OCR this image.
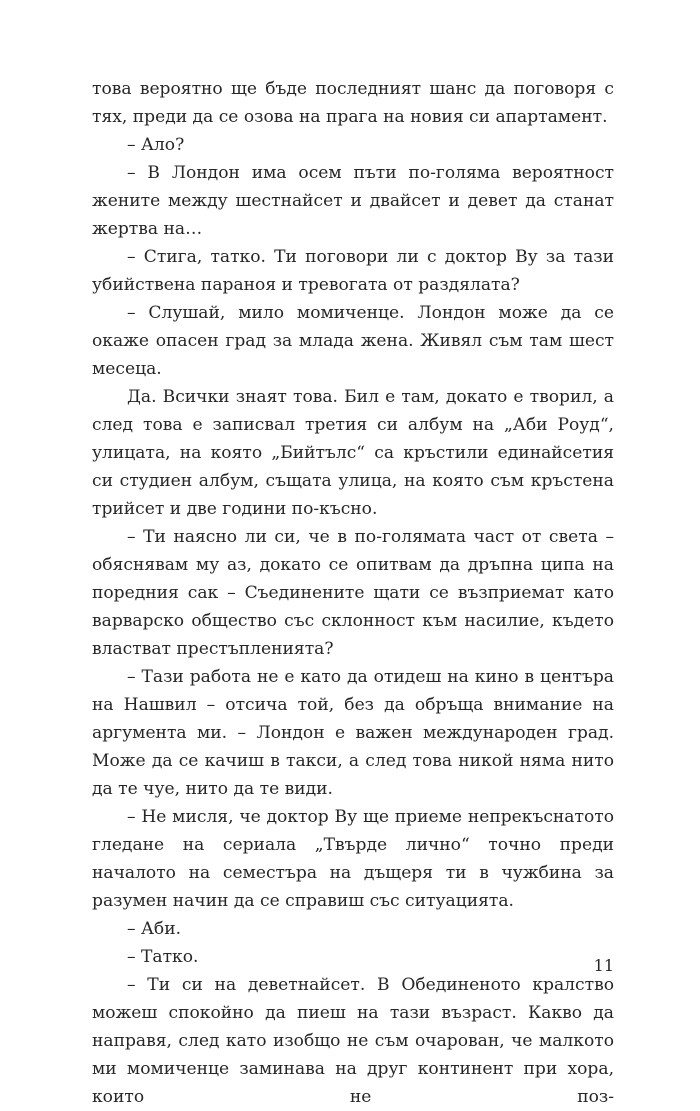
това вероятно ще бъде последният шанс да поговоря с тях, преди да се озова на прага на новия си апартамент.

– Ало?

– В Лондон има осем пъти по-голяма вероятност жените между шестнайсет и двайсет и девет да станат жертва на…

– Стига, татко. Ти поговори ли с доктор Ву за тази убийствена параноя и тревогата от раздялата?

– Слушай, мило момиченце. Лондон може да се окаже опасен град за млада жена. Живял съм там шест месеца.

Да. Всички знаят това. Бил е там, докато е творил, а след това е записвал третия си албум на „Аби Роуд“, улицата, на която „Бийтълс“ са кръстили единайсетия си студиен албум, същата улица, на която съм кръстена трийсет и две години по-късно.

– Ти наясно ли си, че в по-голямата част от света – обяснявам му аз, докато се опитвам да дръпна ципа на поредния сак – Съединените щати се възприемат като варварско общество със склонност към насилие, където властват престъпленията?

– Тази работа не е като да отидеш на кино в центъра на Нашвил – отсича той, без да обръща внимание на аргумента ми. – Лондон е важен международен град. Може да се качиш в такси, а след това никой няма нито да те чуе, нито да те види.

– Не мисля, че доктор Ву ще приеме непрекъснатото гледане на сериала „Твърде лично“ точно преди началото на семестъра на дъщеря ти в чужбина за разумен начин да се справиш със ситуацията.

– Аби.

– Татко.

– Ти си на деветнайсет. В Обединеното кралство можеш спокойно да пиеш на тази възраст. Какво да направя, след като изобщо не съм очарован, че малкото ми момиченце заминава на друг континент при хора, които не поз-

11
